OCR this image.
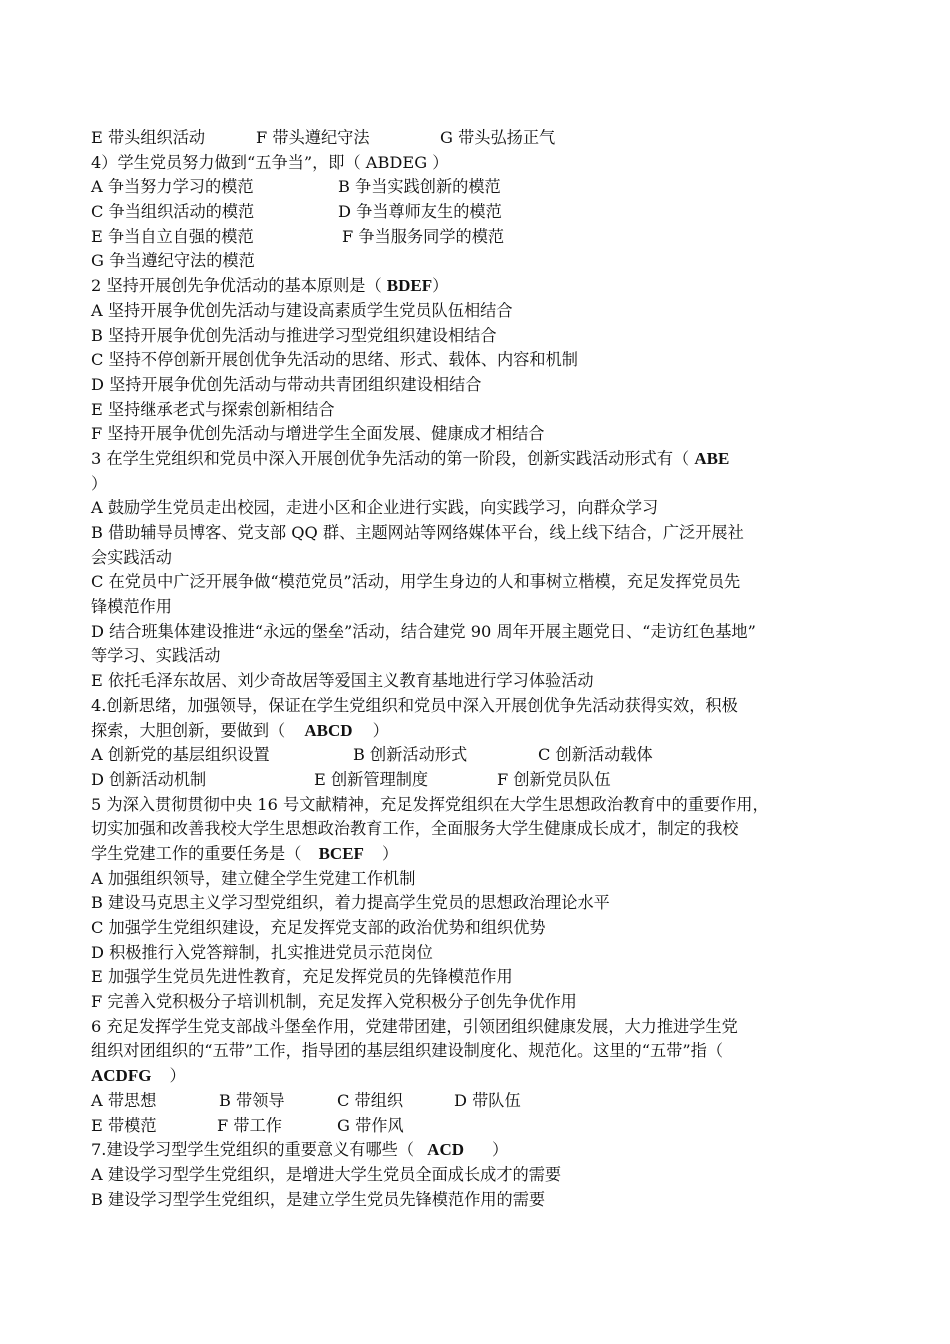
E 带头组织活动	F 带头遵纪守法	G 带头弘扬正气
4）学生党员努力做到“五争当”，即（ ABDEG ）
A 争当努力学习的模范	B 争当实践创新的模范
C 争当组织活动的模范	D 争当尊师友生的模范
E 争当自立自强的模范	F 争当服务同学的模范
G 争当遵纪守法的模范
2 坚持开展创先争优活动的基本原则是（ BDEF）
A 坚持开展争优创先活动与建设高素质学生党员队伍相结合
B 坚持开展争优创先活动与推进学习型党组织建设相结合
C 坚持不停创新开展创优争先活动的思绪、形式、载体、内容和机制
D 坚持开展争优创先活动与带动共青团组织建设相结合
E 坚持继承老式与探索创新相结合
F 坚持开展争优创先活动与增进学生全面发展、健康成才相结合
3 在学生党组织和党员中深入开展创优争先活动的第一阶段，创新实践活动形式有（ ABE
）
A 鼓励学生党员走出校园，走进小区和企业进行实践，向实践学习，向群众学习
B 借助辅导员博客、党支部 QQ 群、主题网站等网络媒体平台，线上线下结合，广泛开展社
会实践活动
C 在党员中广泛开展争做“模范党员”活动，用学生身边的人和事树立楷模，充足发挥党员先
锋模范作用
D 结合班集体建设推进“永远的堡垒”活动，结合建党 90 周年开展主题党日、“走访红色基地”
等学习、实践活动
E 依托毛泽东故居、刘少奇故居等爱国主义教育基地进行学习体验活动
4.创新思绪，加强领导，保证在学生党组织和党员中深入开展创优争先活动获得实效，积极
探索，大胆创新，要做到（ ABCD ）
A 创新党的基层组织设置	B 创新活动形式	C 创新活动载体
D 创新活动机制	E 创新管理制度	F 创新党员队伍
5 为深入贯彻贯彻中央 16 号文献精神，充足发挥党组织在大学生思想政治教育中的重要作用，
切实加强和改善我校大学生思想政治教育工作，全面服务大学生健康成长成才，制定的我校
学生党建工作的重要任务是（ BCEF ）
A 加强组织领导，建立健全学生党建工作机制
B 建设马克思主义学习型党组织，着力提高学生党员的思想政治理论水平
C 加强学生党组织建设，充足发挥党支部的政治优势和组织优势
D 积极推行入党答辩制，扎实推进党员示范岗位
E 加强学生党员先进性教育，充足发挥党员的先锋模范作用
F 完善入党积极分子培训机制，充足发挥入党积极分子创先争优作用
6 充足发挥学生党支部战斗堡垒作用，党建带团建，引领团组织健康发展，大力推进学生党
组织对团组织的“五带”工作，指导团的基层组织建设制度化、规范化。这里的“五带”指（
ACDFG ）
A 带思想	B 带领导	C 带组织	D 带队伍
E 带模范	F 带工作	G 带作风
7.建设学习型学生党组织的重要意义有哪些（ ACD ）
A 建设学习型学生党组织，是增进大学生党员全面成长成才的需要
B 建设学习型学生党组织，是建立学生党员先锋模范作用的需要
